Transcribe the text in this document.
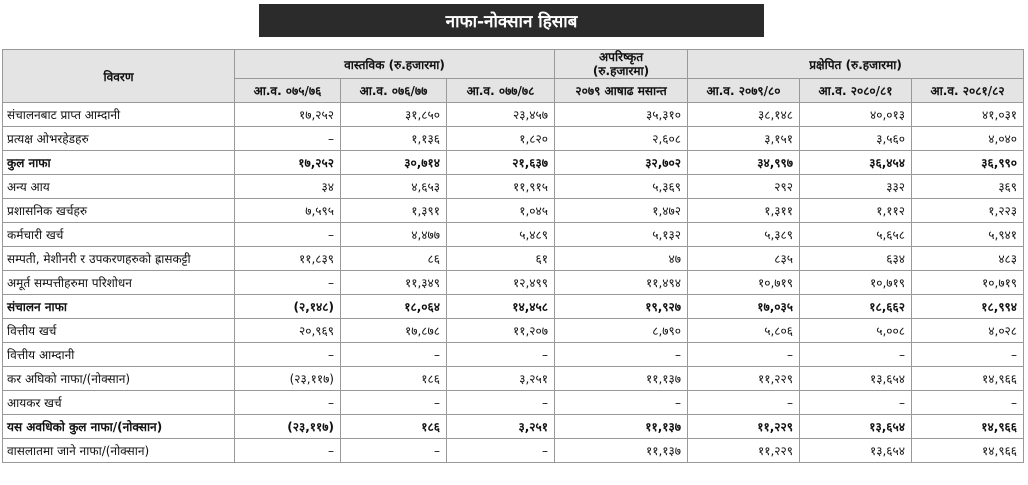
नाफा-नोक्सान हिसाब
विवरण	वास्तविक (रु.हजारमा)			अपरिष्कृत
(रु.हजारमा)	प्रक्षेपित (रु.हजारमा)		
	आ.व. ०७५/७६	आ.व. ०७६/७७	आ.व. ०७७/७८	२०७९ आषाढ मसान्त	आ.व. २०७९/८०	आ.व. २०८०/८१	आ.व. २०८१/८२
संचालनबाट प्राप्त आम्दानी	१७,२५२	३१,८५०	२३,४५७	३५,३१०	३८,१४८	४०,०१३	४१,०३१
प्रत्यक्ष ओभरहेडहरु	–	१,१३६	१,८२०	२,६०८	३,१५१	३,५६०	४,०४०
कुल नाफा	१७,२५२	३०,७१४	२१,६३७	३२,७०२	३४,९९७	३६,४५४	३६,९९०
अन्य आय	३४	४,६५३	११,९१५	५,३६९	२९२	३३२	३६९
प्रशासनिक खर्चहरु	७,५९५	१,३९१	१,०४५	१,४७२	१,३११	१,११२	१,२२३
कर्मचारी खर्च	–	४,४७७	५,४८९	५,१३२	५,३८९	५,६५८	५,९४१
सम्पती, मेशीनरी र उपकरणहरुको ह्रासकट्टी	११,८३९	८६	६१	४७	८३५	६३४	४८३
अमूर्त सम्पत्तीहरुमा परिशोधन	–	११,३४९	१२,४९९	११,४९४	१०,७१९	१०,७१९	१०,७१९
संचालन नाफा	(२,१४८)	१८,०६४	१४,४५८	१९,९२७	१७,०३५	१८,६६२	१८,९९४
वित्तीय खर्च	२०,९६९	१७,८७८	११,२०७	८,७९०	५,८०६	५,००८	४,०२८
वित्तीय आम्दानी	–	–	–	–	–	–	–
कर अघिको नाफा/(नोक्सान)	(२३,११७)	१८६	३,२५१	११,१३७	११,२२९	१३,६५४	१४,९६६
आयकर खर्च	–	–	–	–	–	–	–
यस अवधिको कुल नाफा/(नोक्सान)	(२३,११७)	१८६	३,२५१	११,१३७	११,२२९	१३,६५४	१४,९६६
वासलातमा जाने नाफा/(नोक्सान)	–	–	–	११,१३७	११,२२९	१३,६५४	१४,९६६
